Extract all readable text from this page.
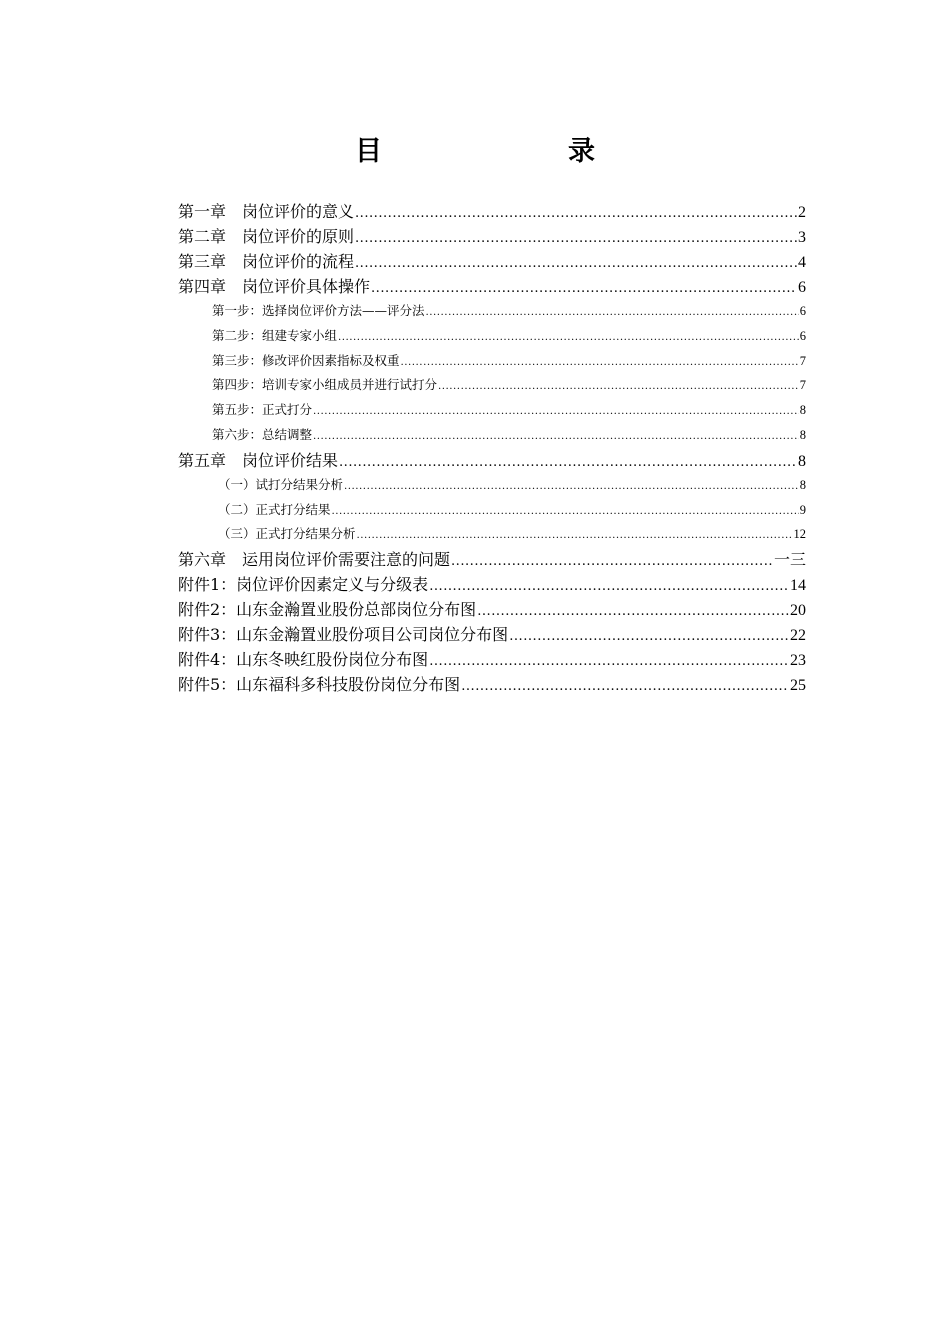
目　　录
第一章　岗位评价的意义 .....	2
第二章　岗位评价的原则 .....	3
第三章　岗位评价的流程 .....	4
第四章　岗位评价具体操作 .....	6
第一步：选择岗位评价方法——评分法 .....	6
第二步：组建专家小组 .....	6
第三步：修改评价因素指标及权重 .....	7
第四步：培训专家小组成员并进行试打分 .....	7
第五步：正式打分 .....	8
第六步：总结调整 .....	8
第五章　岗位评价结果 .....	8
（一）试打分结果分析 .....	8
（二）正式打分结果 .....	9
（三）正式打分结果分析 .....	12
第六章　运用岗位评价需要注意的问题 .....	一三
附件1：岗位评价因素定义与分级表 .....	14
附件2：山东金瀚置业股份总部岗位分布图 .....	20
附件3：山东金瀚置业股份项目公司岗位分布图 .....	22
附件4：山东冬映红股份岗位分布图 .....	23
附件5：山东福科多科技股份岗位分布图 .....	25
